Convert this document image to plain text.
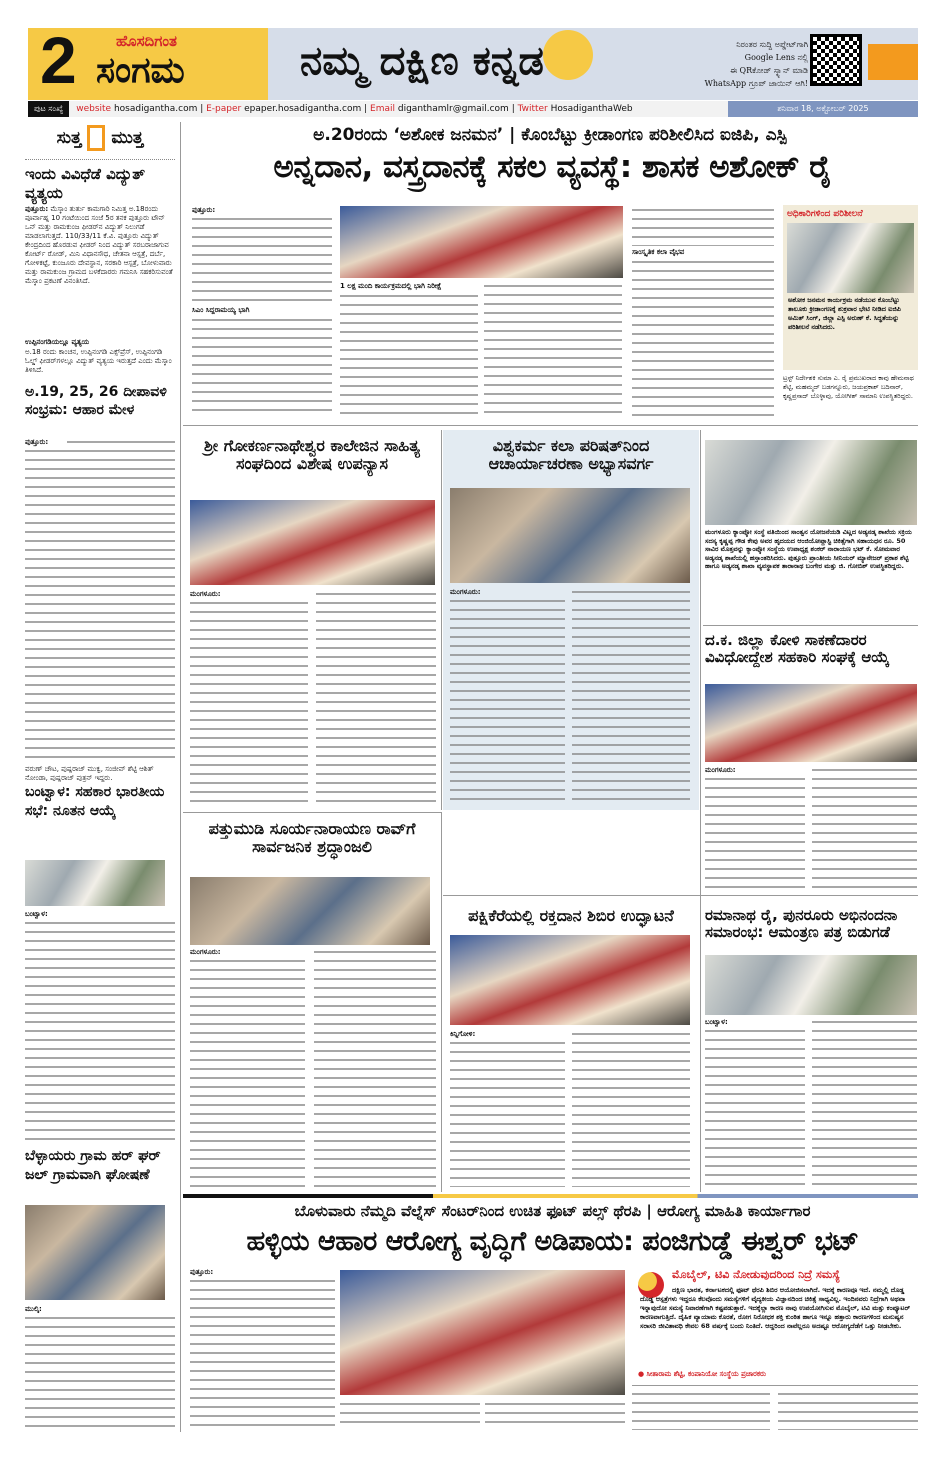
2	ಹೊಸದಿಗಂತ
ಸಂಗಮ	ನಮ್ಮ ದಕ್ಷಿಣ ಕನ್ನಡ	ನಿರಂತರ ಸುದ್ದಿ ಅಪ್ಡೇಟ್‌ಗಾಗಿ
Google Lens ನಲ್ಲಿ
ಈ QRಕೋಡ್ ಸ್ಕ್ಯಾನ್ ಮಾಡಿ
WhatsApp ಗ್ರೂಪ್ ಜಾಯಿನ್ ಆಗಿ!
ಪುಟ ಸಂಖ್ಯೆ website hosadigantha.com | E-paper epaper.hosadigantha.com | Email diganthamlr@gmail.com | Twitter HosadiganthaWeb	ಶನಿವಾರ 18, ಅಕ್ಟೋಬರ್ 2025
ಸುತ್ತ ಮುತ್ತ
ಇಂದು ವಿವಿಧೆಡೆ ವಿದ್ಯುತ್ ವ್ಯತ್ಯಯ
ಪುತ್ತೂರು: ಮೆಸ್ಕಾಂ ತುರ್ತು ಕಾಮಗಾರಿ ನಿಮಿತ್ತ ಅ.18ರಂದು ಪೂರ್ವಾಹ್ನ 10 ಗಂಟೆಯಿಂದ ಸಂಜೆ 5ರ ತನಕ ಪುತ್ತೂರು ಟೌನ್ ಒನ್ ಮತ್ತು ರಾಮಕುಂಜ ಫೀಡರ್‌ನ ವಿದ್ಯುತ್ ನಿಲುಗಡೆ ಮಾಡಲಾಗುತ್ತದೆ. 110/33/11 ಕೆ.ವಿ. ಪುತ್ತೂರು ವಿದ್ಯುತ್ ಕೇಂದ್ರದಿಂದ ಹೊರಡುವ ಫೀಡರ್ ನಿಂದ ವಿದ್ಯುತ್ ಸರಬರಾಜಾಗುವ ಕೋರ್ಟ್ ರೋಡ್, ಮಿನಿ ವಿಧಾನಸೌಧ, ಚೇತನಾ ಆಸ್ಪತ್ರೆ, ದರ್ಬೆ, ಗೋಳಿಕಟ್ಟೆ, ಕುಂಜೂರು ದೇವಸ್ಥಾನ, ಸರಕಾರಿ ಆಸ್ಪತ್ರೆ, ಬೋಳುವಾರು ಮತ್ತು ರಾಮಕುಂಜ ಗ್ರಾಮದ ಬಳಕೆದಾರರು ಗಮನಿಸಿ ಸಹಕರಿಸುವಂತೆ ಮೆಸ್ಕಾಂ ಪ್ರಕಟಣೆ ವಿನಂತಿಸಿದೆ.
ಉಪ್ಪಿನಂಗಡಿಯಲ್ಲೂ ವ್ಯತ್ಯಯ
ಅ.18 ರಂದು ಕಾಂಚನ, ಉಪ್ಪಿನಂಗಡಿ ಎಕ್ಸ್‌ಪ್ರೆಸ್, ಉಪ್ಪಿನಂಗಡಿ ಓಲ್ಡ್ ಫೀಡರ್‌ಗಳಲ್ಲೂ ವಿದ್ಯುತ್ ವ್ಯತ್ಯಯ ಇರುತ್ತದೆ ಎಂದು ಮೆಸ್ಕಾಂ ತಿಳಿಸಿದೆ.
ಅ.19, 25, 26 ದೀಪಾವಳಿ ಸಂಭ್ರಮ: ಆಹಾರ ಮೇಳ
ಪುತ್ತೂರು:
ವರುಣ್ ಚೌಟ, ಪುಷ್ಪರಾಜ್ ಮುಕ್ವ, ಸಂಜೀವ್ ಶೆಟ್ಟಿ ಆಶಿತ್ ನೋಂಡಾ, ಪುಷ್ಪರಾಜ್ ಪುತ್ರನ್ ಇದ್ದರು.
ಬಂಟ್ವಾಳ: ಸಹಕಾರ ಭಾರತೀಯ ಸಭೆ: ನೂತನ ಆಯ್ಕೆ
ಬಂಟ್ವಾಳ:
ಬೆಳ್ಳಾಯರು ಗ್ರಾಮ ಹರ್ ಘರ್ ಜಲ್ ಗ್ರಾಮವಾಗಿ ಘೋಷಣೆ
ಮುಲ್ಕಿ:
ಅ.20ರಂದು ‘ಅಶೋಕ ಜನಮನ’ | ಕೊಂಬೆಟ್ಟು ಕ್ರೀಡಾಂಗಣ ಪರಿಶೀಲಿಸಿದ ಐಜಿಪಿ, ಎಸ್ಪಿ
ಅನ್ನದಾನ, ವಸ್ತ್ರದಾನಕ್ಕೆ ಸಕಲ ವ್ಯವಸ್ಥೆ: ಶಾಸಕ ಅಶೋಕ್ ರೈ
ಪುತ್ತೂರು:
ಸಿಎಂ ಸಿದ್ದರಾಮಯ್ಯ ಭಾಗಿ
1 ಲಕ್ಷ ಮಂದಿ ಕಾರ್ಯಕ್ರಮದಲ್ಲಿ ಭಾಗಿ ನಿರೀಕ್ಷೆ
ಸಾಂಸ್ಕೃತಿಕ ಕಲಾ ವೈಭವ
ಅಧಿಕಾರಿಗಳಿಂದ ಪರಿಶೀಲನೆ
ಅಶೋಕ ಜನಮನ ಕಾರ್ಯಕ್ರಮ ನಡೆಯುವ ಕೊಂಬೆಟ್ಟು ತಾಲೂಕು ಕ್ರೀಡಾಂಗಣಕ್ಕೆ ಶುಕ್ರವಾರ ಭೇಟಿ ನೀಡಿದ ಐಜಿಪಿ ಅಮಿತ್ ಸಿಂಗ್, ಜಿಲ್ಲಾ ಎಸ್ಪಿ ಅರುಣ್ ಕೆ. ಸಿದ್ಧತೆಯನ್ನು ಪರಿಶೀಲನೆ ನಡೆಸಿದರು.
ಟ್ರಸ್ಟ್ ನಿರ್ದೇಶಕಿ ಸುಮಾ ಎ. ರೈ ಪ್ರಮುಖರಾದ ಕಾವು ಹೇಮನಾಥ ಶೆಟ್ಟಿ, ಮಹಮ್ಮದ್ ಬಡಗನ್ನೂರು, ಜಯಪ್ರಕಾಶ್ ಬದಿನಾರ್, ಕೃಷ್ಣಪ್ರಸಾದ್ ಬೊಳ್ಳಾವು, ಯೋಗೀಶ್ ಸಾಮಾನಿ ಉಪಸ್ಥಿತರಿದ್ದರು.
ಶ್ರೀ ಗೋಕರ್ಣನಾಥೇಶ್ವರ ಕಾಲೇಜಿನ ಸಾಹಿತ್ಯ ಸಂಘದಿಂದ ವಿಶೇಷ ಉಪನ್ಯಾಸ
ಮಂಗಳೂರು:
ವಿಶ್ವಕರ್ಮ ಕಲಾ ಪರಿಷತ್‌ನಿಂದ ಆಚಾರ್ಯಾಚರಣಾ ಅಭ್ಯಾಸವರ್ಗ
ಮಂಗಳೂರು:
ಮಂಗಳೂರು ಕ್ಯಾಂಪ್ಕೋ ಸಂಸ್ಥೆ ವತಿಯಿಂದ ಸಾಂತ್ವನ ಯೋಜನೆಯಡಿ ವಿಟ್ಲದ ಅಡ್ಯನಡ್ಕ ಶಾಖೆಯ ಸಕ್ರಿಯ ಸದಸ್ಯ ಕೃಷ್ಣಪ್ಪ ಗೌಡ ಕೇಪು ಅವರ ಹೃದಯದ ಆಂಜಿಯೋಪ್ಲಾಸ್ಟಿ ಚಿಕಿತ್ಸೆಗಾಗಿ ಸಹಾಯಧನ ರೂ. 50 ಸಾವಿರ ಮೊತ್ತವನ್ನು ಕ್ಯಾಂಪ್ಕೋ ಸಂಸ್ಥೆಯ ಉಪಾಧ್ಯಕ್ಷ ಶಂಕರ್ ನಾರಾಯಣ ಭಟ್ ಕೆ. ಸೋಮವಾರ ಅಡ್ಯನಡ್ಕ ಶಾಖೆಯಲ್ಲಿ ಹಸ್ತಾಂತರಿಸಿದರು. ಪುತ್ತೂರು ಪ್ರಾಂತೀಯ ಸೀನಿಯರ್ ಮ್ಯಾನೇಜರ್ ಪ್ರಕಾಶ ಶೆಟ್ಟಿ ಹಾಗೂ ಅಡ್ಯನಡ್ಕ ಶಾಖಾ ವ್ಯವಸ್ಥಾಪಕ ತಾರಾನಾಥ ಬಂಗೇರ ಮತ್ತು ಜಿ. ಗೋಬಿಶ್ ಉಪಸ್ಥಿತರಿದ್ದರು.
ದ.ಕ. ಜಿಲ್ಲಾ ಕೋಳಿ ಸಾಕಣೆದಾರರ ವಿವಿಧೋದ್ದೇಶ ಸಹಕಾರಿ ಸಂಘಕ್ಕೆ ಆಯ್ಕೆ
ಮಂಗಳೂರು:
ಪತ್ತುಮುಡಿ ಸೂರ್ಯನಾರಾಯಣ ರಾವ್‌ಗೆ ಸಾರ್ವಜನಿಕ ಶ್ರದ್ಧಾಂಜಲಿ
ಮಂಗಳೂರು:
ಪಕ್ಷಿಕೆರೆಯಲ್ಲಿ ರಕ್ತದಾನ ಶಿಬಿರ ಉದ್ಘಾಟನೆ
ಕಿನ್ನಿಗೋಳಿ:
ರಮಾನಾಥ ರೈ, ಪುನರೂರು ಅಭಿನಂದನಾ ಸಮಾರಂಭ: ಆಮಂತ್ರಣ ಪತ್ರ ಬಿಡುಗಡೆ
ಬಂಟ್ವಾಳ:
ಬೊಳುವಾರು ನೆಮ್ಮದಿ ವೆಲ್ನೆಸ್ ಸೆಂಟರ್‌ನಿಂದ ಉಚಿತ ಫೂಟ್ ಪಲ್ಸ್ ಥೆರಪಿ | ಆರೋಗ್ಯ ಮಾಹಿತಿ ಕಾರ್ಯಾಗಾರ
ಹಳ್ಳಿಯ ಆಹಾರ ಆರೋಗ್ಯ ವೃದ್ಧಿಗೆ ಅಡಿಪಾಯ: ಪಂಜಿಗುಡ್ಡೆ ಈಶ್ವರ್ ಭಟ್
ಪುತ್ತೂರು:	ಮೊಬೈಲ್, ಟಿವಿ ನೋಡುವುದರಿಂದ ನಿದ್ರೆ ಸಮಸ್ಯೆ
ದಕ್ಷಿಣ ಭಾರತ, ಕರ್ನಾಟಕದಲ್ಲಿ ಫೂಟ್ ಥೆರಪಿ ಶಿಬಿರ ಆಯೋಜಿಸಲಾಗಿದೆ. ಇದಕ್ಕೆ ಕಾರಣವೂ ಇದೆ. ನಮ್ಮಲ್ಲಿ ದೊಡ್ಡ ದೊಡ್ಡ ಆಸ್ಪತ್ರೆಗಳು ಇದ್ದರೂ ಕೆಲವೊಂದು ಸಮಸ್ಯೆಗಳಿಗೆ ವೈದ್ಯಕೀಯ ವಿಜ್ಞಾನದಿಂದ ಚಿಕಿತ್ಸೆ ಸಾಧ್ಯವಿಲ್ಲ. ಇಂದಿನವರು ನಿದ್ರೆಗಾಗಿ ಅಥವಾ ಇನ್ನಾವುದೋ ಸಮಸ್ಯೆ ನಿವಾರಣೆಗಾಗಿ ಕಷ್ಟಪಡುತ್ತಾರೆ. ಇದಕ್ಕೆಲ್ಲಾ ಕಾರಣ ನಾವು ಉಪಯೋಗಿಸುವ ಮೊಬೈಲ್, ಟಿವಿ ಮತ್ತು ಕಂಪ್ಯೂಟರ್ ಕಾರಣವಾಗುತ್ತಿದೆ. ದೈಹಿಕ ವ್ಯಾಯಾಮ ಕೊರತೆ, ರೋಗ ನಿರೋಧಕ ಶಕ್ತಿ ಕುಂಠಿತ ಹಾಗೂ ಇನ್ನೂ ಹತ್ತಾರು ಕಾರಣಗಳಿಂದ ಮನುಷ್ಯನ ಸರಾಸರಿ ಜೀವಿತಾವಧಿ ಕೇವಲ 68 ವರ್ಷಕ್ಕೆ ಬಂದು ನಿಂತಿದೆ. ಆದ್ದರಿಂದ ನಾವೆಲ್ಲರೂ ಅದಷ್ಟೂ ಆರೋಗ್ಯದೆಡೆಗೆ ಒತ್ತು ನೀಡಬೇಕು.
● ಸೀತಾರಾಮ ಶೆಟ್ಟಿ, ಕಂಪಾನಿಯೋ ಸಂಸ್ಥೆಯ ಪ್ರಚಾರಕರು
